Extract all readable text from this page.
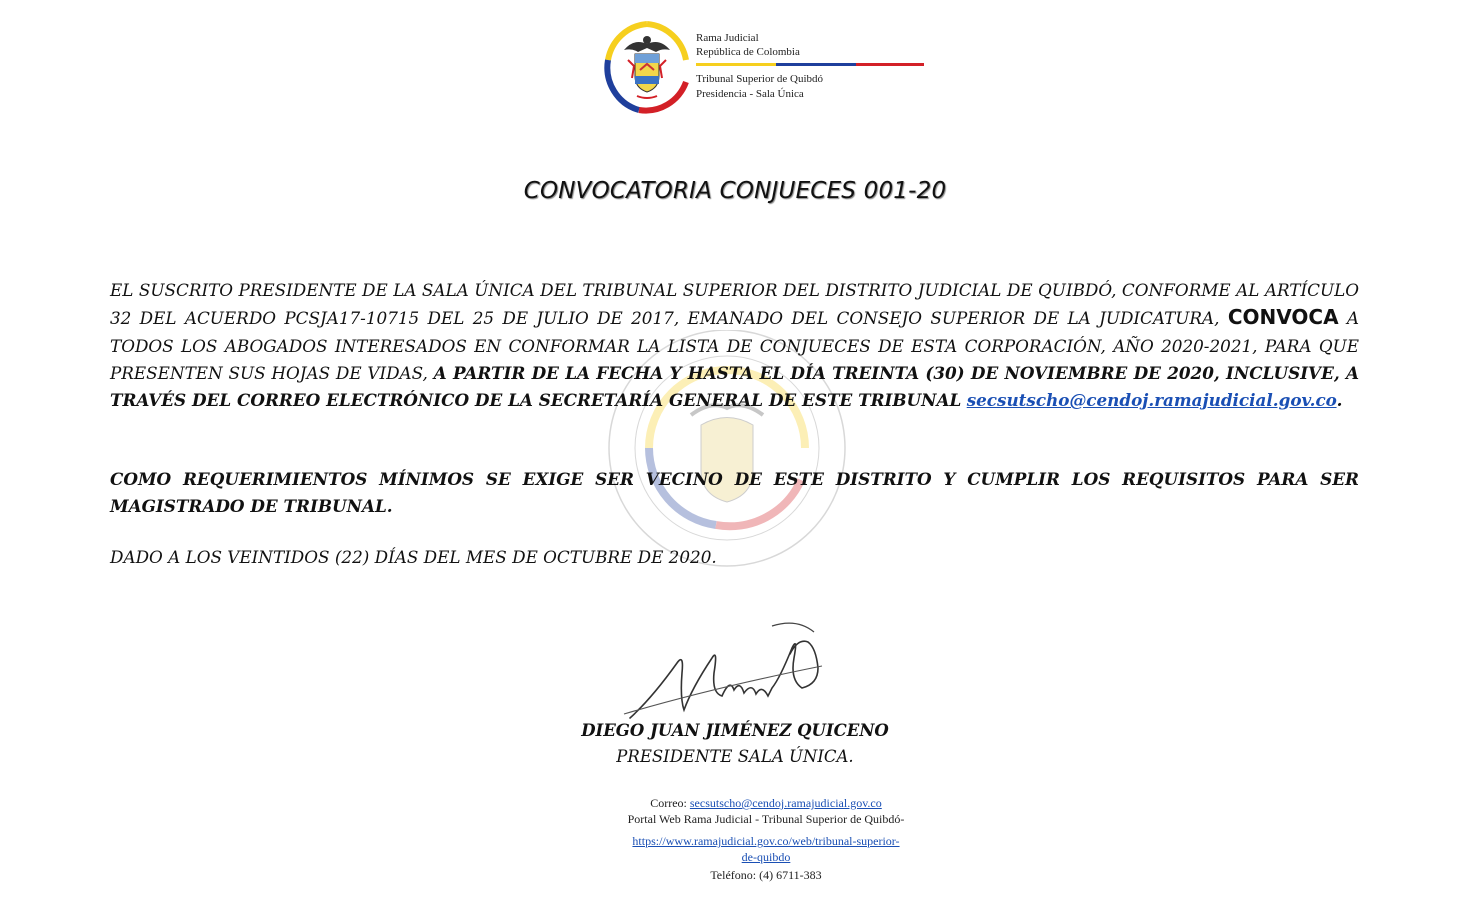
Rama Judicial
República de Colombia
Tribunal Superior de Quibdó
Presidencia - Sala Única
CONVOCATORIA CONJUECES 001-20
EL SUSCRITO PRESIDENTE DE LA SALA ÚNICA DEL TRIBUNAL SUPERIOR DEL DISTRITO JUDICIAL DE QUIBDÓ, CONFORME AL ARTÍCULO 32 DEL ACUERDO PCSJA17-10715 DEL 25 DE JULIO DE 2017, EMANADO DEL CONSEJO SUPERIOR DE LA JUDICATURA, CONVOCA A TODOS LOS ABOGADOS INTERESADOS EN CONFORMAR LA LISTA DE CONJUECES DE ESTA CORPORACIÓN, AÑO 2020-2021, PARA QUE PRESENTEN SUS HOJAS DE VIDAS, A PARTIR DE LA FECHA Y HASTA EL DÍA TREINTA (30) DE NOVIEMBRE DE 2020, INCLUSIVE, A TRAVÉS DEL CORREO ELECTRÓNICO DE LA SECRETARÍA GENERAL DE ESTE TRIBUNAL secsutscho@cendoj.ramajudicial.gov.co.
COMO REQUERIMIENTOS MÍNIMOS SE EXIGE SER VECINO DE ESTE DISTRITO Y CUMPLIR LOS REQUISITOS PARA SER MAGISTRADO DE TRIBUNAL.
DADO A LOS VEINTIDOS (22) DÍAS DEL MES DE OCTUBRE DE 2020.
DIEGO JUAN JIMÉNEZ QUICENO
PRESIDENTE SALA ÚNICA.
Correo: secsutscho@cendoj.ramajudicial.gov.co
Portal Web Rama Judicial - Tribunal Superior de Quibdó-
https://www.ramajudicial.gov.co/web/tribunal-superior-
de-quibdo
Teléfono: (4) 6711-383
